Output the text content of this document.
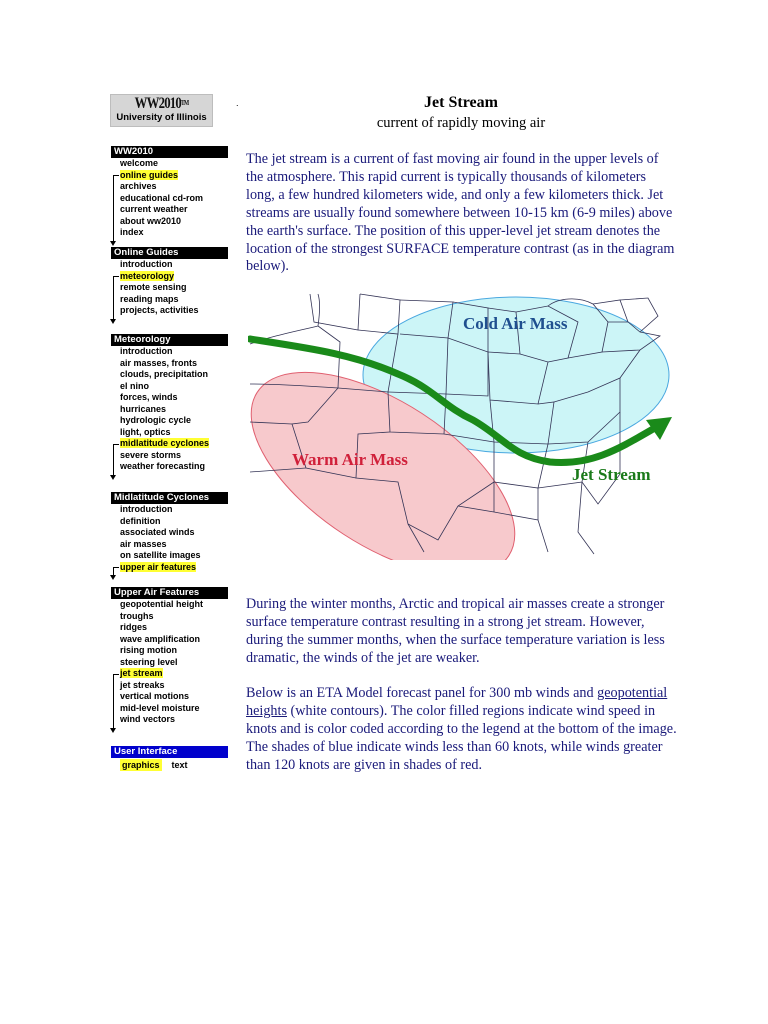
WW2010™
University of Illinois
WW2010
welcome
online guides
archives
educational cd-rom
current weather
about ww2010
index
Online Guides
introduction
meteorology
remote sensing
reading maps
projects, activities
Meteorology
introduction
air masses, fronts
clouds, precipitation
el nino
forces, winds
hurricanes
hydrologic cycle
light, optics
midlatitude cyclones
severe storms
weather forecasting
Midlatitude Cyclones
introduction
definition
associated winds
air masses
on satellite images
upper air features
Upper Air Features
geopotential height
troughs
ridges
wave amplification
rising motion
steering level
jet stream
jet streaks
vertical motions
mid-level moisture
wind vectors
User Interface
graphics text
.	Jet Stream
current of rapidly moving air

The jet stream is a current of fast moving air found in the upper levels of the atmosphere. This rapid current is typically thousands of kilometers long, a few hundred kilometers wide, and only a few kilometers thick. Jet streams are usually found somewhere between 10-15 km (6-9 miles) above the earth's surface. The position of this upper-level jet stream denotes the location of the strongest SURFACE temperature contrast (as in the diagram below).

Cold Air Mass
Warm Air Mass
Jet Stream

During the winter months, Arctic and tropical air masses create a stronger surface temperature contrast resulting in a strong jet stream. However, during the summer months, when the surface temperature variation is less dramatic, the winds of the jet are weaker.

Below is an ETA Model forecast panel for 300 mb winds and geopotential heights (white contours). The color filled regions indicate wind speed in knots and is color coded according to the legend at the bottom of the image. The shades of blue indicate winds less than 60 knots, while winds greater than 120 knots are given in shades of red.
